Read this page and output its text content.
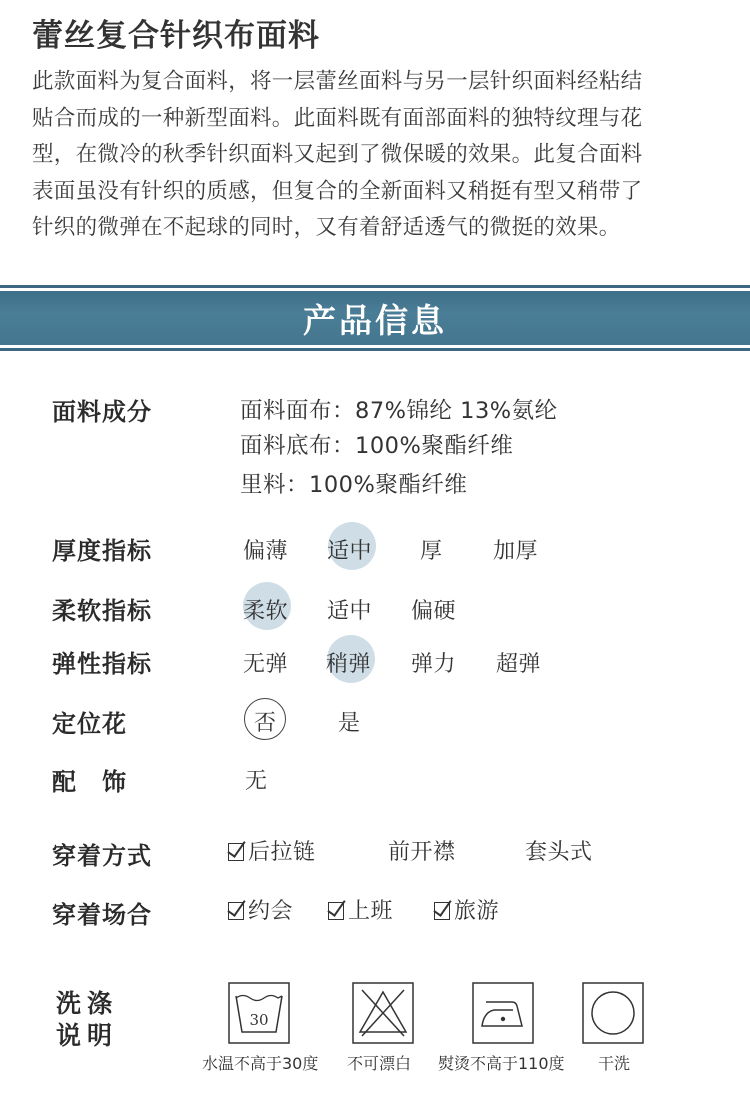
蕾丝复合针织布面料

此款面料为复合面料，将一层蕾丝面料与另一层针织面料经粘结

贴合而成的一种新型面料。此面料既有面部面料的独特纹理与花

型，在微冷的秋季针织面料又起到了微保暖的效果。此复合面料

表面虽没有针织的质感，但复合的全新面料又稍挺有型又稍带了

针织的微弹在不起球的同时，又有着舒适透气的微挺的效果。

产品信息
面料成分	面料面布：87%锦纶 13%氨纶
面料底布：100%聚酯纤维
里料：100%聚酯纤维
厚度指标	偏薄 适中 厚 加厚
柔软指标	柔软 适中 偏硬
弹性指标	无弹 稍弹 弹力 超弹
定位花	否	是
配　饰	无
穿着方式	后拉链	前开襟	套头式
穿着场合	约会	上班	旅游
洗涤
说明
30
水温不高于30度 不可漂白 熨烫不高于110度 干洗
